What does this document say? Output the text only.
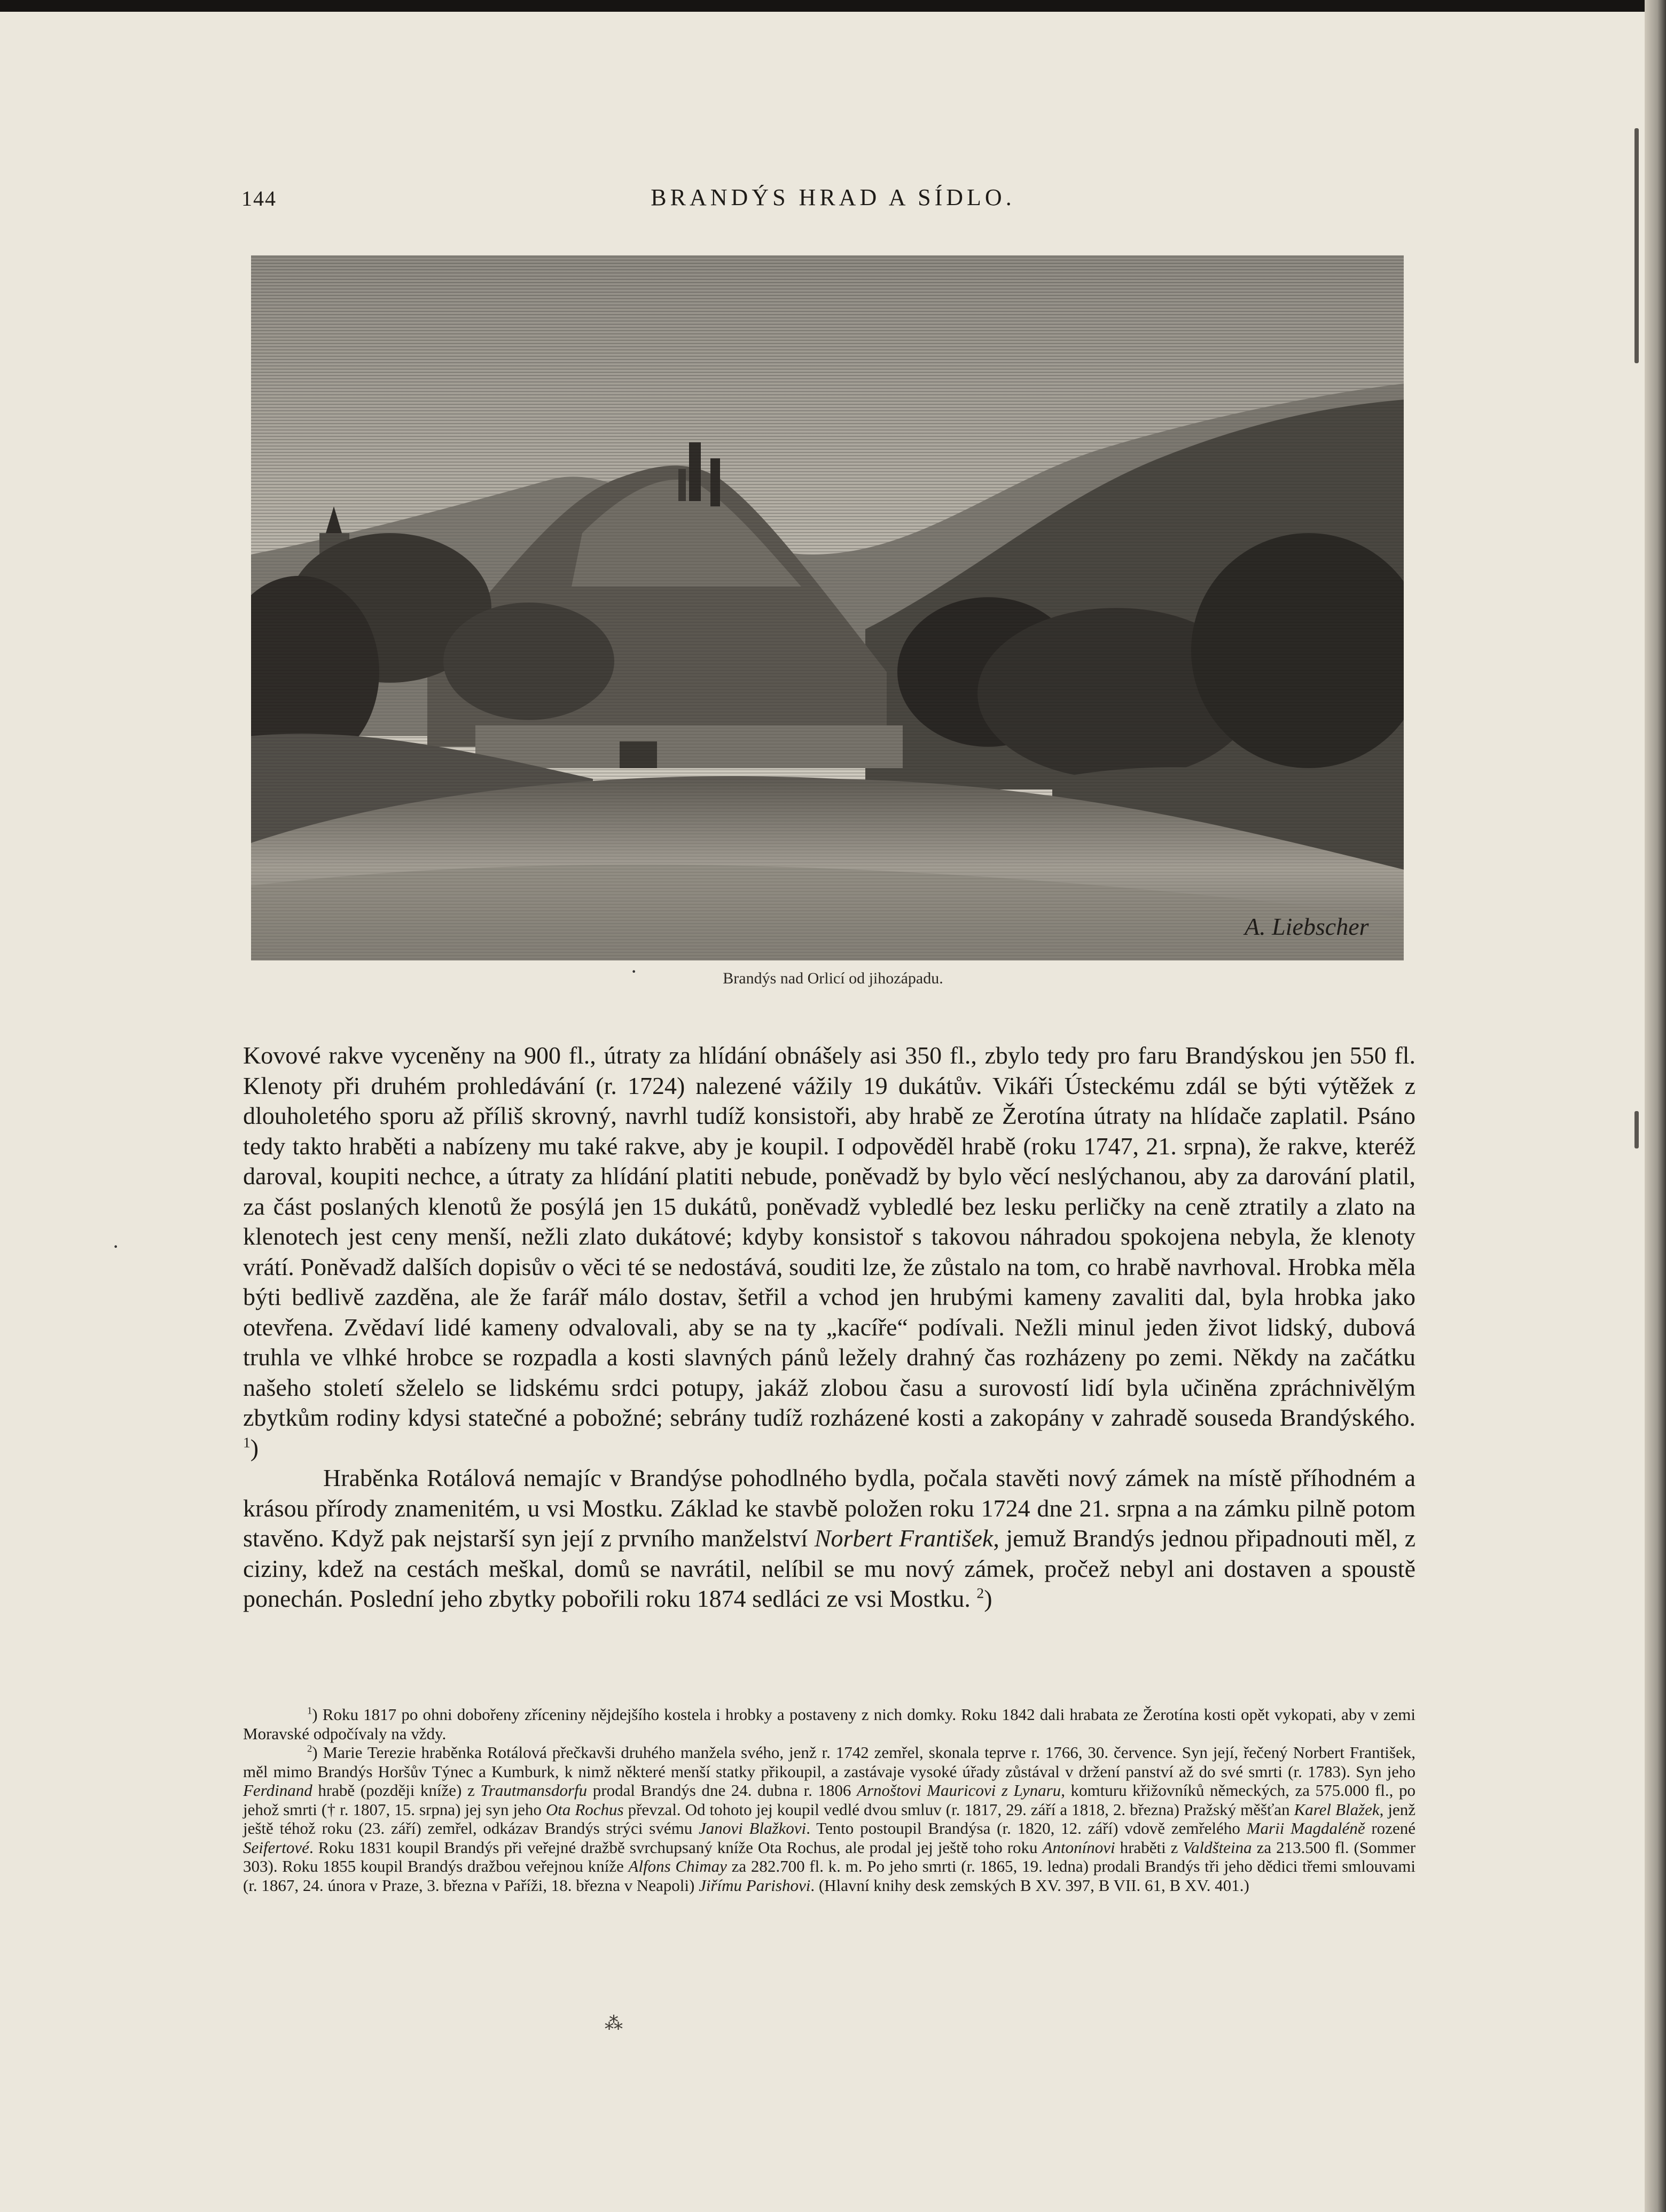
144	BRANDÝS HRAD A SÍDLO.
A. Liebscher
Brandýs nad Orlicí od jihozápadu.

Kovové rakve vyceněny na 900 fl., útraty za hlídání obnášely asi 350 fl., zbylo tedy pro faru Brandýskou jen 550 fl. Klenoty při druhém prohledávání (r. 1724) nalezené vážily 19 dukátův. Vikáři Ústeckému zdál se býti výtěžek z dlouholetého sporu až příliš skrovný, navrhl tudíž konsistoři, aby hrabě ze Žerotína útraty na hlídače zaplatil. Psáno tedy takto hraběti a nabízeny mu také rakve, aby je koupil. I odpověděl hrabě (roku 1747, 21. srpna), že rakve, kteréž daroval, koupiti nechce, a útraty za hlídání platiti nebude, poněvadž by bylo věcí neslýchanou, aby za darování platil, za část poslaných klenotů že posýlá jen 15 dukátů, poněvadž vybledlé bez lesku perličky na ceně ztratily a zlato na klenotech jest ceny menší, nežli zlato dukátové; kdyby konsistoř s takovou náhradou spokojena nebyla, že klenoty vrátí. Poněvadž dalších dopisův o věci té se nedostává, souditi lze, že zůstalo na tom, co hrabě navrhoval. Hrobka měla býti bedlivě zazděna, ale že farář málo dostav, šetřil a vchod jen hrubými kameny zavaliti dal, byla hrobka jako otevřena. Zvědaví lidé kameny odvalovali, aby se na ty „kacíře“ podívali. Nežli minul jeden život lidský, dubová truhla ve vlhké hrobce se rozpadla a kosti slavných pánů ležely drahný čas rozházeny po zemi. Někdy na začátku našeho století sželelo se lidskému srdci potupy, jakáž zlobou času a surovostí lidí byla učiněna zpráchnivělým zbytkům rodiny kdysi statečné a pobožné; sebrány tudíž rozházené kosti a zakopány v zahradě souseda Brandýského. $^1$)

Hraběnka Rotálová nemajíc v Brandýse pohodlného bydla, počala stavěti nový zámek na místě příhodném a krásou přírody znamenitém, u vsi Mostku. Základ ke stavbě položen roku 1724 dne 21. srpna a na zámku pilně potom stavěno. Když pak nejstarší syn její z prvního manželství Norbert František, jemuž Brandýs jednou připadnouti měl, z ciziny, kdež na cestách meškal, domů se navrátil, nelíbil se mu nový zámek, pročež nebyl ani dostaven a spoustě ponechán. Poslední jeho zbytky pobořili roku 1874 sedláci ze vsi Mostku. $^2$)

$^1$) Roku 1817 po ohni dobořeny zříceniny nějdejšího kostela i hrobky a postaveny z nich domky. Roku 1842 dali hrabata ze Žerotína kosti opět vykopati, aby v zemi Moravské odpočívaly na vždy.

$^2$) Marie Terezie hraběnka Rotálová přečkavši druhého manžela svého, jenž r. 1742 zemřel, skonala teprve r. 1766, 30. července. Syn její, řečený Norbert František, měl mimo Brandýs Horšův Týnec a Kumburk, k nimž některé menší statky přikoupil, a zastávaje vysoké úřady zůstával v držení panství až do své smrti (r. 1783). Syn jeho Ferdinand hrabě (později kníže) z Trautmansdorfu prodal Brandýs dne 24. dubna r. 1806 Arnoštovi Mauricovi z Lynaru, komturu křižovníků německých, za 575.000 fl., po jehož smrti († r. 1807, 15. srpna) jej syn jeho Ota Rochus převzal. Od tohoto jej koupil vedlé dvou smluv (r. 1817, 29. září a 1818, 2. března) Pražský měšťan Karel Blažek, jenž ještě téhož roku (23. září) zemřel, odkázav Brandýs strýci svému Janovi Blažkovi. Tento postoupil Brandýsa (r. 1820, 12. září) vdově zemřelého Marii Magdaléně rozené Seifertové. Roku 1831 koupil Brandýs při veřejné dražbě svrchupsaný kníže Ota Rochus, ale prodal jej ještě toho roku Antonínovi hraběti z Valdšteina za 213.500 fl. (Sommer 303). Roku 1855 koupil Brandýs dražbou veřejnou kníže Alfons Chimay za 282.700 fl. k. m. Po jeho smrti (r. 1865, 19. ledna) prodali Brandýs tři jeho dědici třemi smlouvami (r. 1867, 24. února v Praze, 3. března v Paříži, 18. března v Neapoli) Jiřímu Parishovi. (Hlavní knihy desk zemských B XV. 397, B VII. 61, B XV. 401.)

⁂
·
·
